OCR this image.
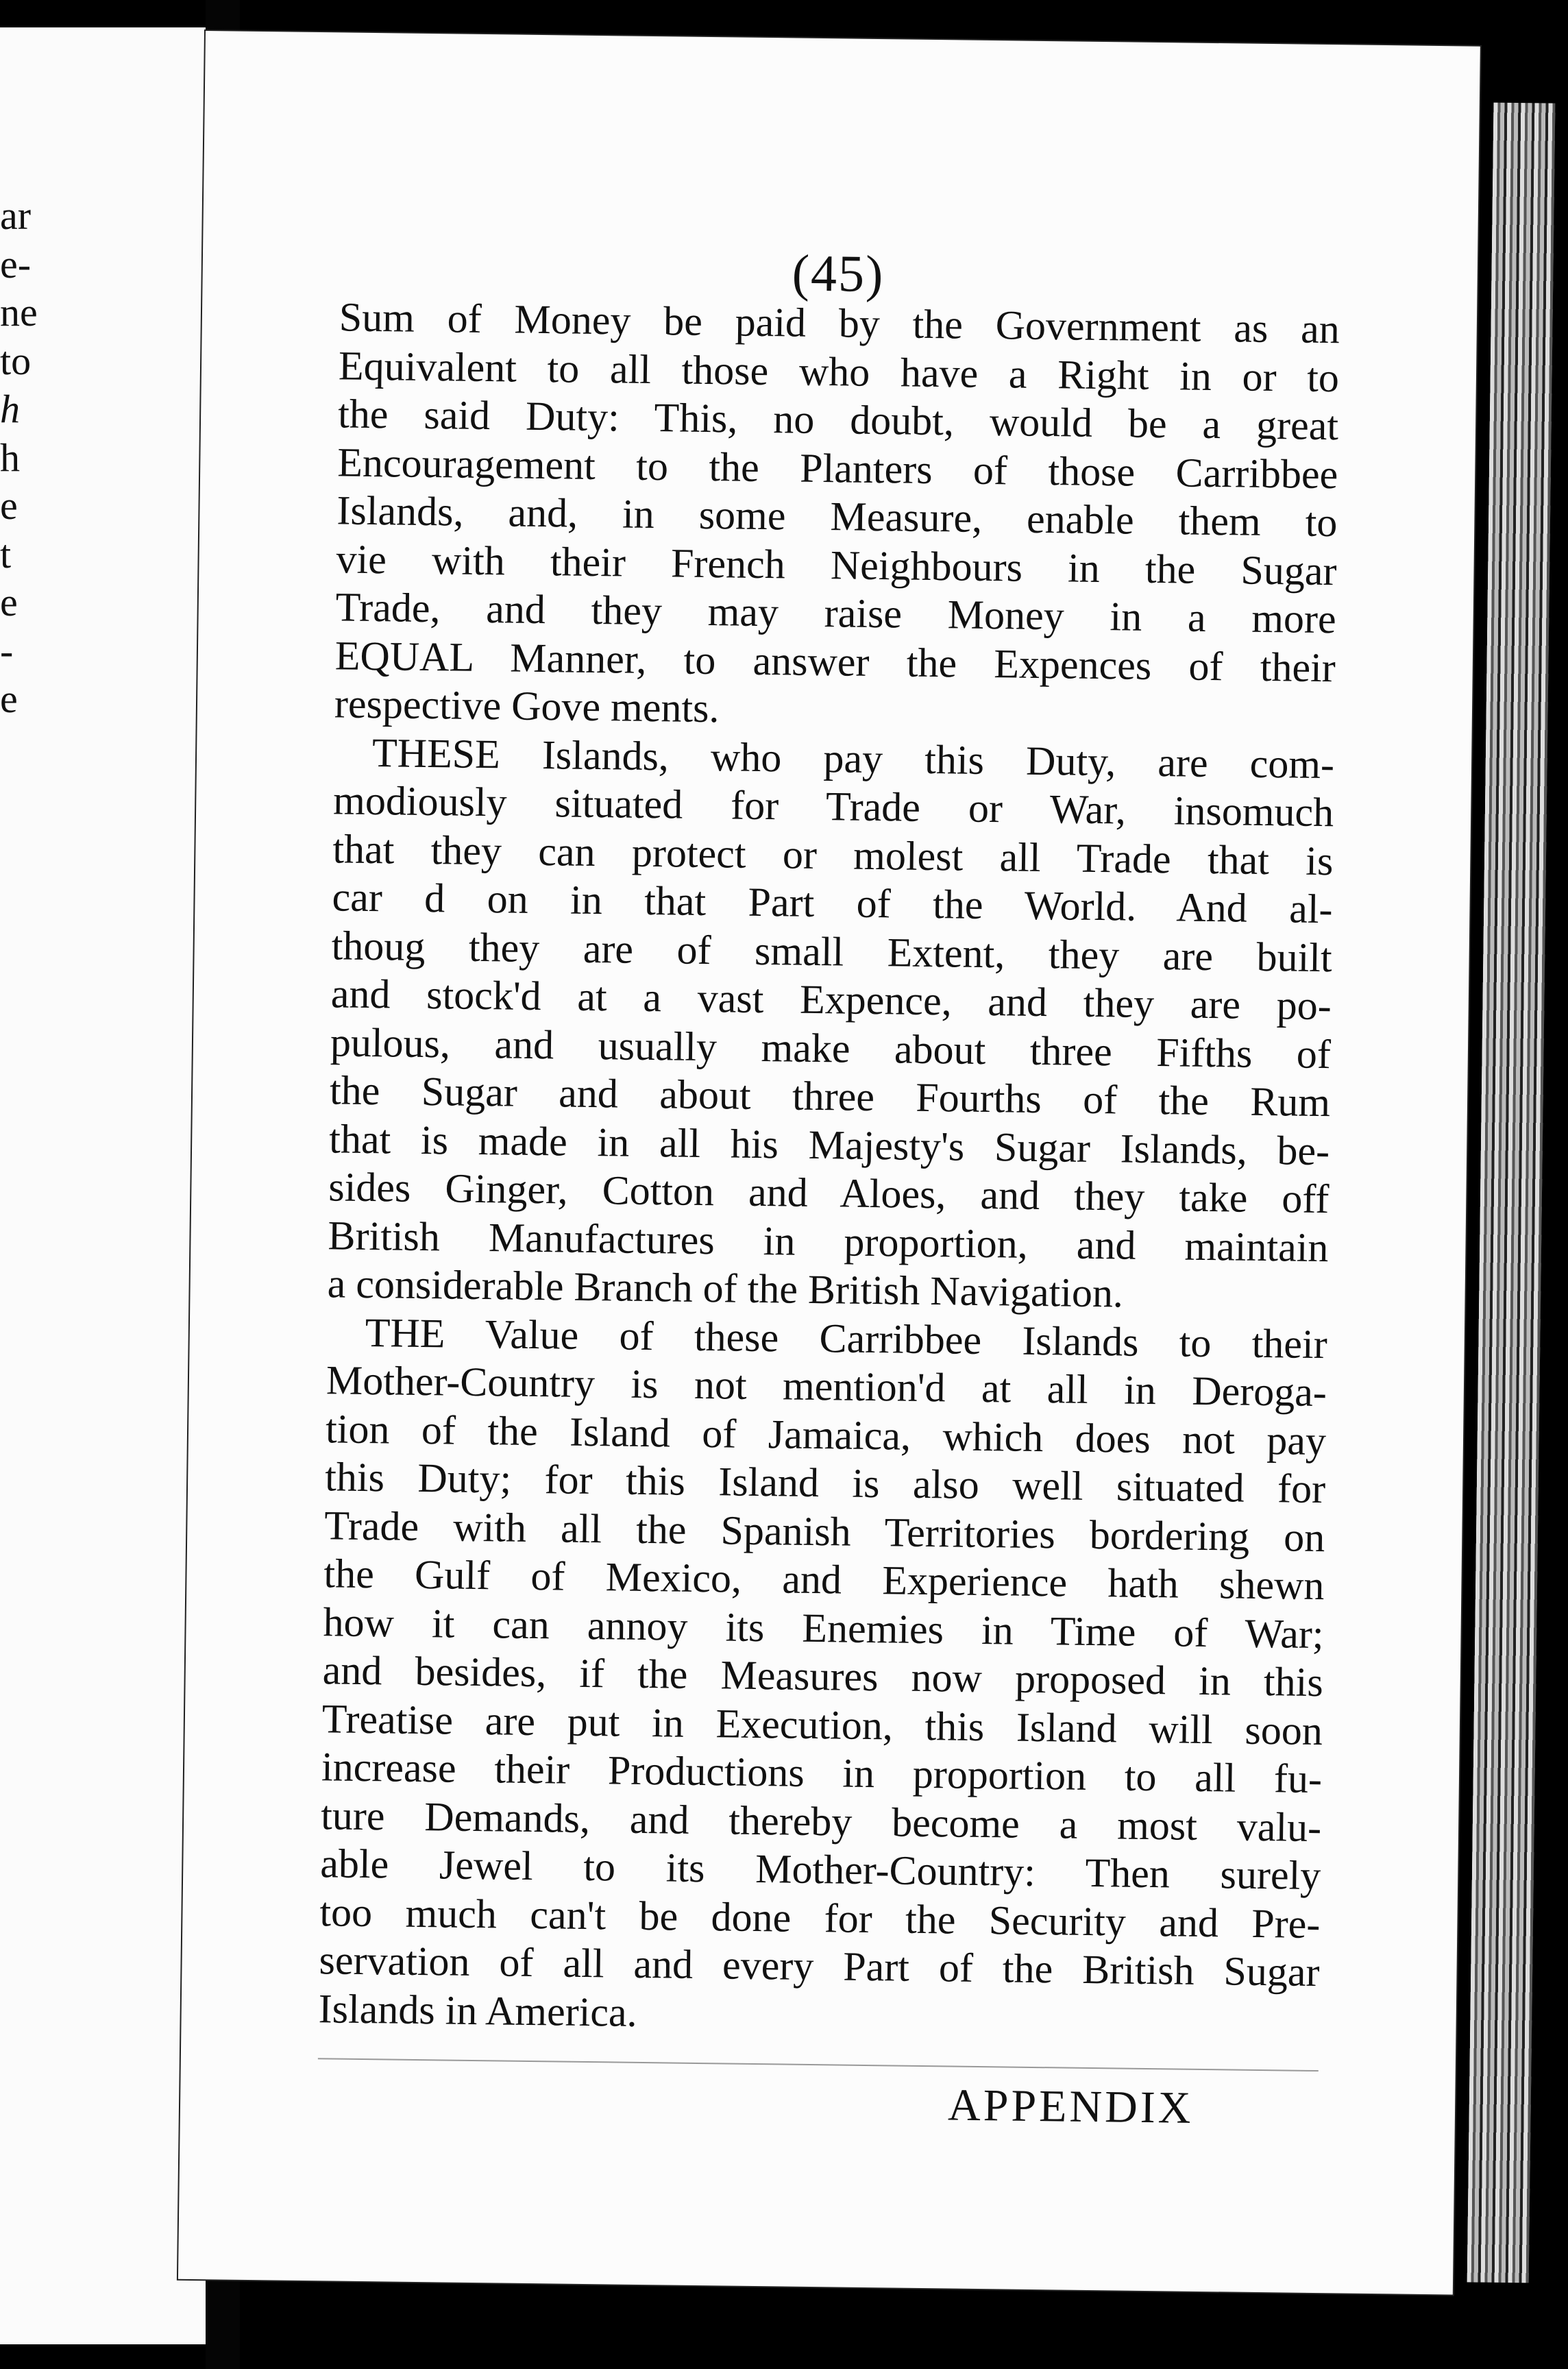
ar
e-
ne
to
h
h
e
t
e
-
e
(45)
Sum of Money be paid by the Government as an
Equivalent to all those who have a Right in or to
the said Duty: This, no doubt, would be a great
Encouragement to the Planters of those Carribbee
Islands, and, in some Measure, enable them to
vie with their French Neighbours in the Sugar
Trade, and they may raise Money in a more
EQUAL Manner, to answer the Expences of their
respective Gove ments.
THESE Islands, who pay this Duty, are com-
modiously situated for Trade or War, insomuch
that they can protect or molest all Trade that is
car d on in that Part of the World. And al-
thoug they are of small Extent, they are built
and stock'd at a vast Expence, and they are po-
pulous, and usually make about three Fifths of
the Sugar and about three Fourths of the Rum
that is made in all his Majesty's Sugar Islands, be-
sides Ginger, Cotton and Aloes, and they take off
British Manufactures in proportion, and maintain
a considerable Branch of the British Navigation.
THE Value of these Carribbee Islands to their
Mother-Country is not mention'd at all in Deroga-
tion of the Island of Jamaica, which does not pay
this Duty; for this Island is also well situated for
Trade with all the Spanish Territories bordering on
the Gulf of Mexico, and Experience hath shewn
how it can annoy its Enemies in Time of War;
and besides, if the Measures now proposed in this
Treatise are put in Execution, this Island will soon
increase their Productions in proportion to all fu-
ture Demands, and thereby become a most valu-
able Jewel to its Mother-Country: Then surely
too much can't be done for the Security and Pre-
servation of all and every Part of the British Sugar
Islands in America.
APPENDIX
